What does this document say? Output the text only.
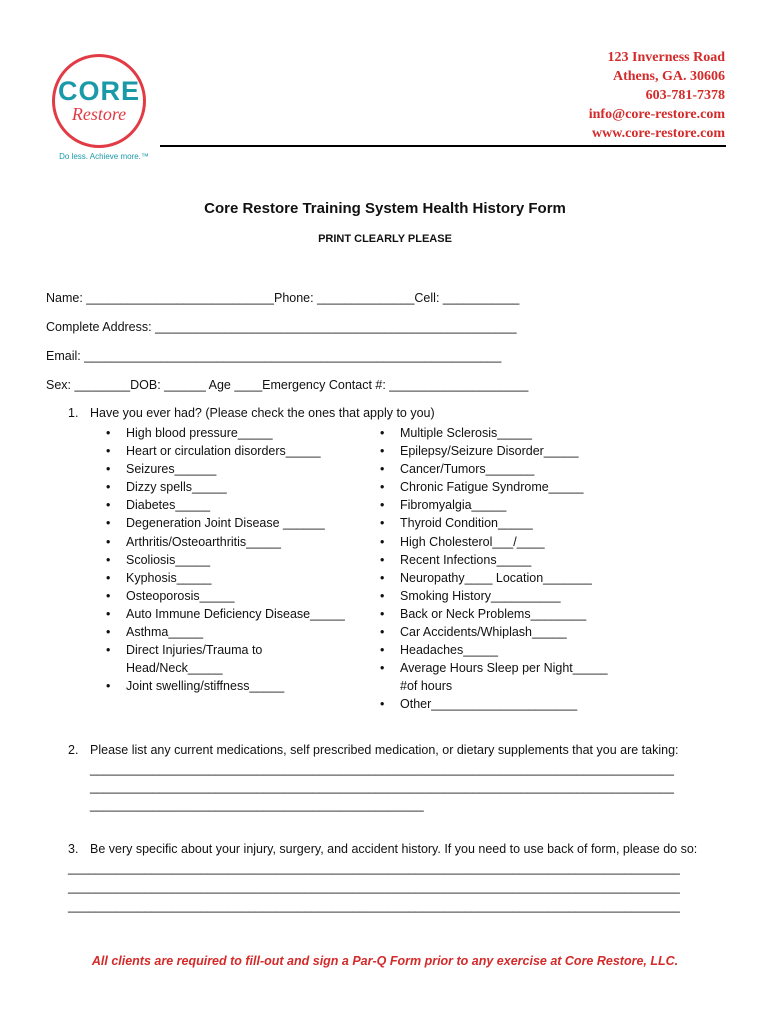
CORE
Restore
Do less. Achieve more.™
123 Inverness Road
Athens, GA. 30606
603-781-7378
info@core-restore.com
www.core-restore.com
Core Restore Training System Health History Form
PRINT CLEARLY PLEASE
Name: ___________________________Phone: ______________Cell: ___________
Complete Address: ____________________________________________________
Email: ____________________________________________________________
Sex: ________DOB: ______ Age ____Emergency Contact #: ____________________
1. Have you ever had? (Please check the ones that apply to you)
• High blood pressure_____
• Heart or circulation disorders_____
• Seizures______
• Dizzy spells_____
• Diabetes_____
• Degeneration Joint Disease ______
• Arthritis/Osteoarthritis_____
• Scoliosis_____
• Kyphosis_____
• Osteoporosis_____
• Auto Immune Deficiency Disease_____
• Asthma_____
• Direct Injuries/Trauma to Head/Neck_____
• Joint swelling/stiffness_____
• Multiple Sclerosis_____
• Epilepsy/Seizure Disorder_____
• Cancer/Tumors_______
• Chronic Fatigue Syndrome_____
• Fibromyalgia_____
• Thyroid Condition_____
• High Cholesterol___/____
• Recent Infections_____
• Neuropathy____ Location_______
• Smoking History__________
• Back or Neck Problems________
• Car Accidents/Whiplash_____
• Headaches_____
• Average Hours Sleep per Night_____ #of hours
• Other_____________________
2. Please list any current medications, self prescribed medication, or dietary supplements that you are taking:
____________________________________________________________________________________
____________________________________________________________________________________
________________________________________________
3. Be very specific about your injury, surgery, and accident history. If you need to use back of form, please do so:
________________________________________________________________________________________
________________________________________________________________________________________
________________________________________________________________________________________
All clients are required to fill-out and sign a Par-Q Form prior to any exercise at Core Restore, LLC.
